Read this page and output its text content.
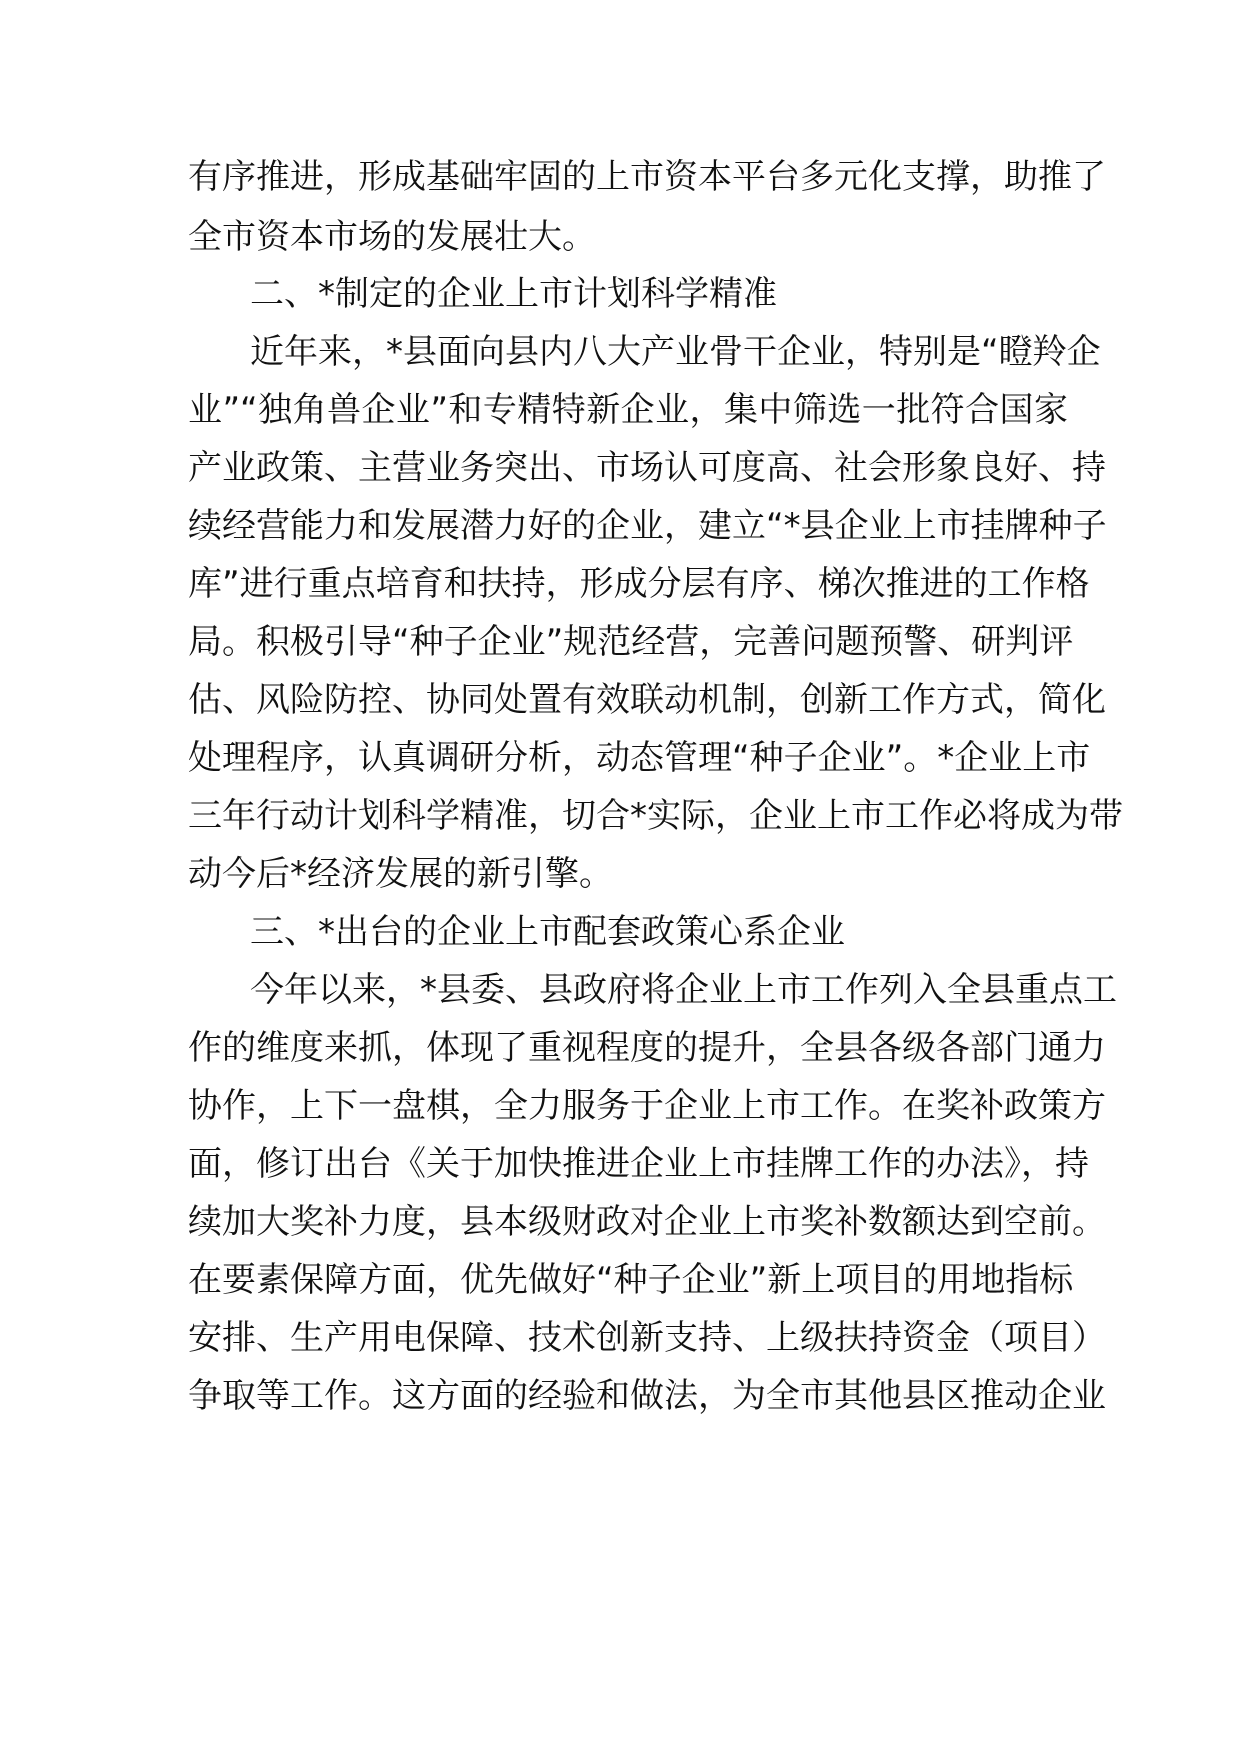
有序推进，形成基础牢固的上市资本平台多元化支撑，助推了
全市资本市场的发展壮大。
二、*制定的企业上市计划科学精准
近年来，*县面向县内八大产业骨干企业，特别是“瞪羚企
业”“独角兽企业”和专精特新企业，集中筛选一批符合国家
产业政策、主营业务突出、市场认可度高、社会形象良好、持
续经营能力和发展潜力好的企业，建立“*县企业上市挂牌种子
库”进行重点培育和扶持，形成分层有序、梯次推进的工作格
局。积极引导“种子企业”规范经营，完善问题预警、研判评
估、风险防控、协同处置有效联动机制，创新工作方式，简化
处理程序，认真调研分析，动态管理“种子企业”。*企业上市
三年行动计划科学精准，切合*实际，企业上市工作必将成为带
动今后*经济发展的新引擎。
三、*出台的企业上市配套政策心系企业
今年以来，*县委、县政府将企业上市工作列入全县重点工
作的维度来抓，体现了重视程度的提升，全县各级各部门通力
协作，上下一盘棋，全力服务于企业上市工作。在奖补政策方
面，修订出台《关于加快推进企业上市挂牌工作的办法》，持
续加大奖补力度，县本级财政对企业上市奖补数额达到空前。
在要素保障方面，优先做好“种子企业”新上项目的用地指标
安排、生产用电保障、技术创新支持、上级扶持资金（项目）
争取等工作。这方面的经验和做法，为全市其他县区推动企业
